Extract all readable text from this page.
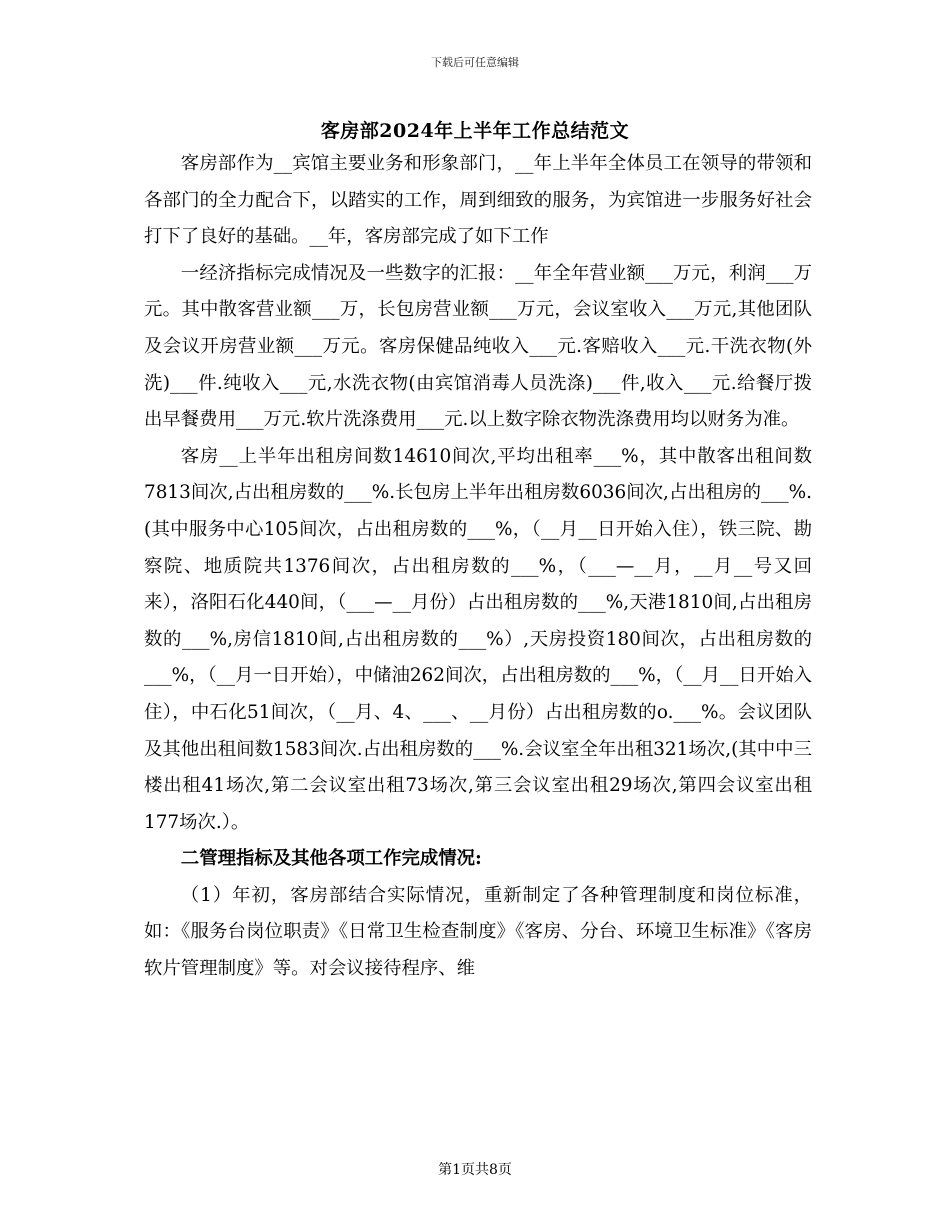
下载后可任意编辑
客房部2024年上半年工作总结范文

客房部作为__宾馆主要业务和形象部门，__年上半年全体员工在领导的带领和各部门的全力配合下，以踏实的工作，周到细致的服务，为宾馆进一步服务好社会打下了良好的基础。__年，客房部完成了如下工作

一经济指标完成情况及一些数字的汇报：__年全年营业额___万元，利润___万元。其中散客营业额___万，长包房营业额___万元，会议室收入___万元,其他团队及会议开房营业额___万元。客房保健品纯收入___元.客赔收入___元.干洗衣物(外洗)___件.纯收入___元,水洗衣物(由宾馆消毒人员洗涤)___件,收入___元.给餐厅拨出早餐费用___万元.软片洗涤费用___元.以上数字除衣物洗涤费用均以财务为准。

客房__上半年出租房间数14610间次,平均出租率___%，其中散客出租间数7813间次,占出租房数的___%.长包房上半年出租房数6036间次,占出租房的___%.(其中服务中心105间次，占出租房数的___%，（__月__日开始入住），铁三院、勘察院、地质院共1376间次，占出租房数的___%，（___—__月，__月__号又回来），洛阳石化440间，（___—__月份）占出租房数的___%,天港1810间,占出租房数的___%,房信1810间,占出租房数的___%）,天房投资180间次，占出租房数的___%，（__月一日开始），中储油262间次，占出租房数的___%，（__月__日开始入住），中石化51间次，（__月、4、___、__月份）占出租房数的o.___%。会议团队及其他出租间数1583间次.占出租房数的___%.会议室全年出租321场次,(其中中三楼出租41场次,第二会议室出租73场次,第三会议室出租29场次,第四会议室出租177场次.）。

二管理指标及其他各项工作完成情况:

（1）年初，客房部结合实际情况，重新制定了各种管理制度和岗位标准，如：《服务台岗位职责》《日常卫生检查制度》《客房、分台、环境卫生标准》《客房软片管理制度》等。对会议接待程序、维

第1页共8页
